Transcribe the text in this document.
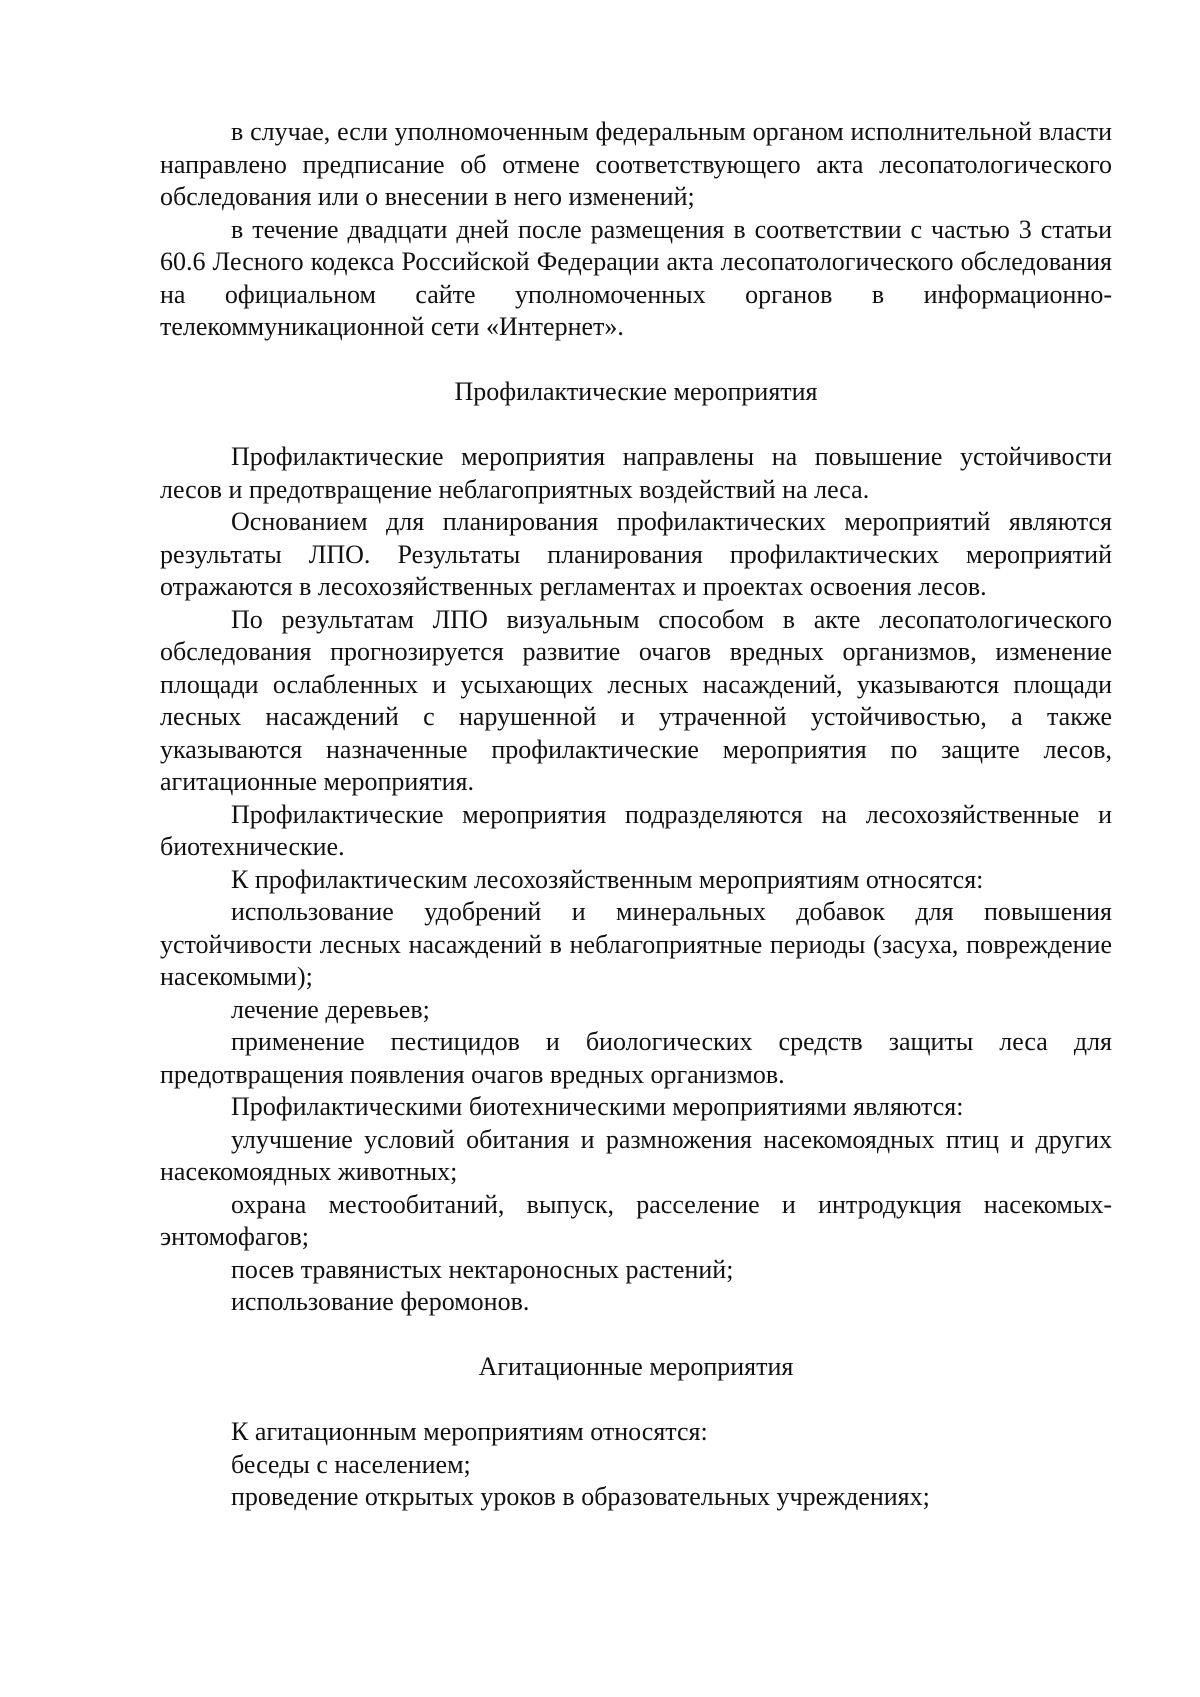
в случае, если уполномоченным федеральным органом исполнительной власти направлено предписание об отмене соответствующего акта лесопатологического обследования или о внесении в него изменений;

в течение двадцати дней после размещения в соответствии с частью 3 статьи 60.6 Лесного кодекса Российской Федерации акта лесопатологического обследования на официальном сайте уполномоченных органов в информационно-телекоммуникационной сети «Интернет».

Профилактические мероприятия

Профилактические мероприятия направлены на повышение устойчивости лесов и предотвращение неблагоприятных воздействий на леса.

Основанием для планирования профилактических мероприятий являются результаты ЛПО. Результаты планирования профилактических мероприятий отражаются в лесохозяйственных регламентах и проектах освоения лесов.

По результатам ЛПО визуальным способом в акте лесопатологического обследования прогнозируется развитие очагов вредных организмов, изменение площади ослабленных и усыхающих лесных насаждений, указываются площади лесных насаждений с нарушенной и утраченной устойчивостью, а также указываются назначенные профилактические мероприятия по защите лесов, агитационные мероприятия.

Профилактические мероприятия подразделяются на лесохозяйственные и биотехнические.

К профилактическим лесохозяйственным мероприятиям относятся:

использование удобрений и минеральных добавок для повышения устойчивости лесных насаждений в неблагоприятные периоды (засуха, повреждение насекомыми);

лечение деревьев;

применение пестицидов и биологических средств защиты леса для предотвращения появления очагов вредных организмов.

Профилактическими биотехническими мероприятиями являются:

улучшение условий обитания и размножения насекомоядных птиц и других насекомоядных животных;

охрана местообитаний, выпуск, расселение и интродукция насекомых-энтомофагов;

посев травянистых нектароносных растений;

использование феромонов.

Агитационные мероприятия

К агитационным мероприятиям относятся:

беседы с населением;

проведение открытых уроков в образовательных учреждениях;
